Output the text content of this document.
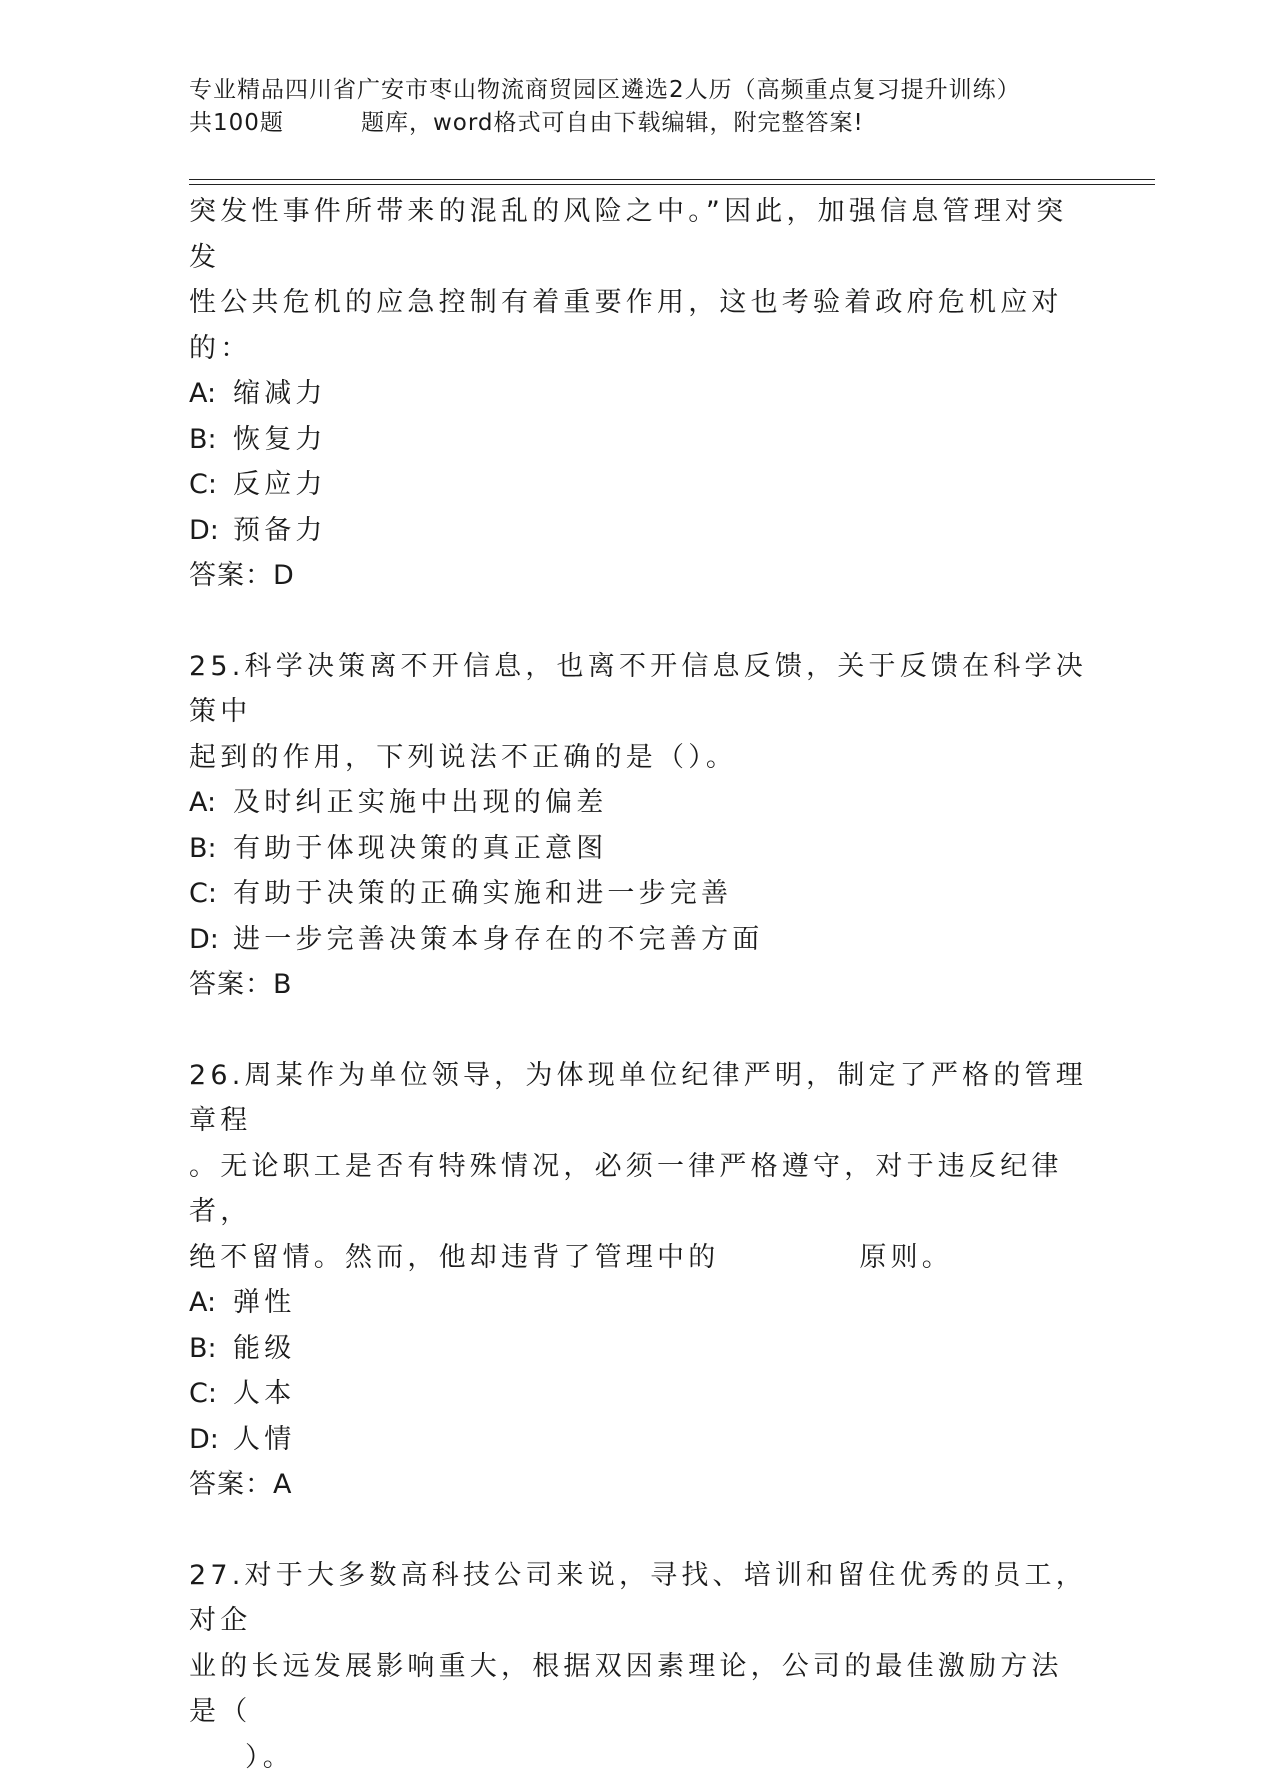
专业精品四川省广安市枣山物流商贸园区遴选2人历（高频重点复习提升训练）
共100题	题库，word格式可自由下载编辑，附完整答案!

突发性事件所带来的混乱的风险之中。”因此，加强信息管理对突发

性公共危机的应急控制有着重要作用，这也考验着政府危机应对的：

A: 缩减力

B: 恢复力

C: 反应力

D: 预备力

答案：D

25.科学决策离不开信息，也离不开信息反馈，关于反馈在科学决策中

起到的作用，下列说法不正确的是（）。

A: 及时纠正实施中出现的偏差

B: 有助于体现决策的真正意图

C: 有助于决策的正确实施和进一步完善

D: 进一步完善决策本身存在的不完善方面

答案：B

26.周某作为单位领导，为体现单位纪律严明，制定了严格的管理章程

。无论职工是否有特殊情况，必须一律严格遵守，对于违反纪律者，

绝不留情。然而，他却违背了管理中的	原则。

A: 弹性

B: 能级

C: 人本

D: 人情

答案：A

27.对于大多数高科技公司来说，寻找、培训和留住优秀的员工，对企

业的长远发展影响重大，根据双因素理论，公司的最佳激励方法是（

）。
